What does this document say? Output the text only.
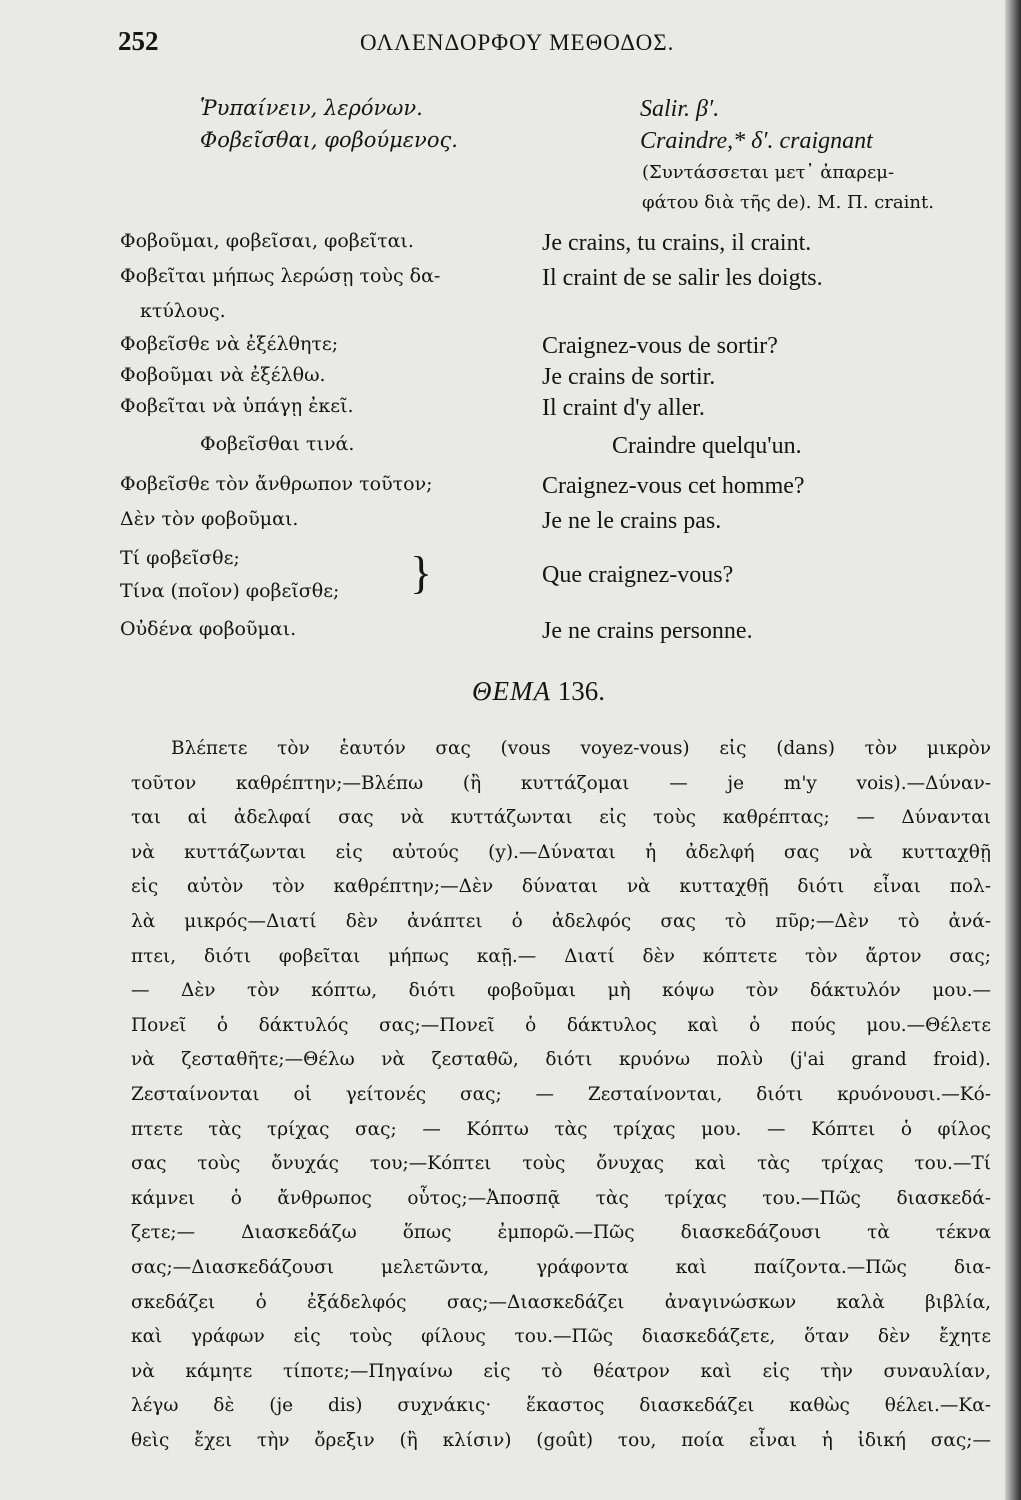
252	ΟΛΛΕΝΔΟΡΦΟΥ ΜΕΘΟΔΟΣ.
Ῥυπαίνειν, λερόνων.	Salir. β′.
Φοβεῖσθαι, φοβούμενος.	Craindre,* δ′. craignant
(Συντάσσεται μετ᾽ ἀπαρεμ-
φάτου διὰ τῆς de). Μ. Π. craint.
Φοβοῦμαι, φοβεῖσαι, φοβεῖται.	Je crains, tu crains, il craint.
Φοβεῖται μήπως λερώσῃ τοὺς δα-	Il craint de se salir les doigts.
κτύλους.
Φοβεῖσθε νὰ ἐξέλθητε;	Craignez-vous de sortir?
Φοβοῦμαι νὰ ἐξέλθω.	Je crains de sortir.
Φοβεῖται νὰ ὑπάγῃ ἐκεῖ.	Il craint d'y aller.
Φοβεῖσθαι τινά.	Craindre quelqu'un.
Φοβεῖσθε τὸν ἄνθρωπον τοῦτον;	Craignez-vous cet homme?
Δὲν τὸν φοβοῦμαι.	Je ne le crains pas.
Τί φοβεῖσθε;
Τίνα (ποῖον) φοβεῖσθε; }	Que craignez-vous?
Οὐδένα φοβοῦμαι.	Je ne crains personne.
ΘΕΜΑ 136.
Βλέπετε τὸν ἑαυτόν σας (vous voyez-vous) εἰς (dans) τὸν μικρὸν
τοῦτον καθρέπτην;—Βλέπω (ἢ κυττάζομαι — je m'y vois).—Δύναν-
ται αἱ ἀδελφαί σας νὰ κυττάζωνται εἰς τοὺς καθρέπτας; — Δύνανται
νὰ κυττάζωνται εἰς αὐτούς (y).—Δύναται ἡ ἀδελφή σας νὰ κυτταχθῇ
εἰς αὐτὸν τὸν καθρέπτην;—Δὲν δύναται νὰ κυτταχθῇ διότι εἶναι πολ-
λὰ μικρός—Διατί δὲν ἀνάπτει ὁ ἀδελφός σας τὸ πῦρ;—Δὲν τὸ ἀνά-
πτει, διότι φοβεῖται μήπως καῇ.— Διατί δὲν κόπτετε τὸν ἄρτον σας;
— Δὲν τὸν κόπτω, διότι φοβοῦμαι μὴ κόψω τὸν δάκτυλόν μου.—
Πονεῖ ὁ δάκτυλός σας;—Πονεῖ ὁ δάκτυλος καὶ ὁ πούς μου.—Θέλετε
νὰ ζεσταθῆτε;—Θέλω νὰ ζεσταθῶ, διότι κρυόνω πολὺ (j'ai grand froid).
Ζεσταίνονται οἱ γείτονές σας; — Ζεσταίνονται, διότι κρυόνουσι.—Κό-
πτετε τὰς τρίχας σας; — Κόπτω τὰς τρίχας μου. — Κόπτει ὁ φίλος
σας τοὺς ὄνυχάς του;—Κόπτει τοὺς ὄνυχας καὶ τὰς τρίχας του.—Τί
κάμνει ὁ ἄνθρωπος οὗτος;—Ἀποσπᾷ τὰς τρίχας του.—Πῶς διασκεδά-
ζετε;— Διασκεδάζω ὅπως ἐμπορῶ.—Πῶς διασκεδάζουσι τὰ τέκνα
σας;—Διασκεδάζουσι μελετῶντα, γράφοντα καὶ παίζοντα.—Πῶς δια-
σκεδάζει ὁ ἐξάδελφός σας;—Διασκεδάζει ἀναγινώσκων καλὰ βιβλία,
καὶ γράφων εἰς τοὺς φίλους του.—Πῶς διασκεδάζετε, ὅταν δὲν ἔχητε
νὰ κάμητε τίποτε;—Πηγαίνω εἰς τὸ θέατρον καὶ εἰς τὴν συναυλίαν,
λέγω δὲ (je dis) συχνάκις· ἕκαστος διασκεδάζει καθὼς θέλει.—Κα-
θεὶς ἔχει τὴν ὄρεξιν (ἢ κλίσιν) (goût) του, ποία εἶναι ἡ ἰδική σας;—
